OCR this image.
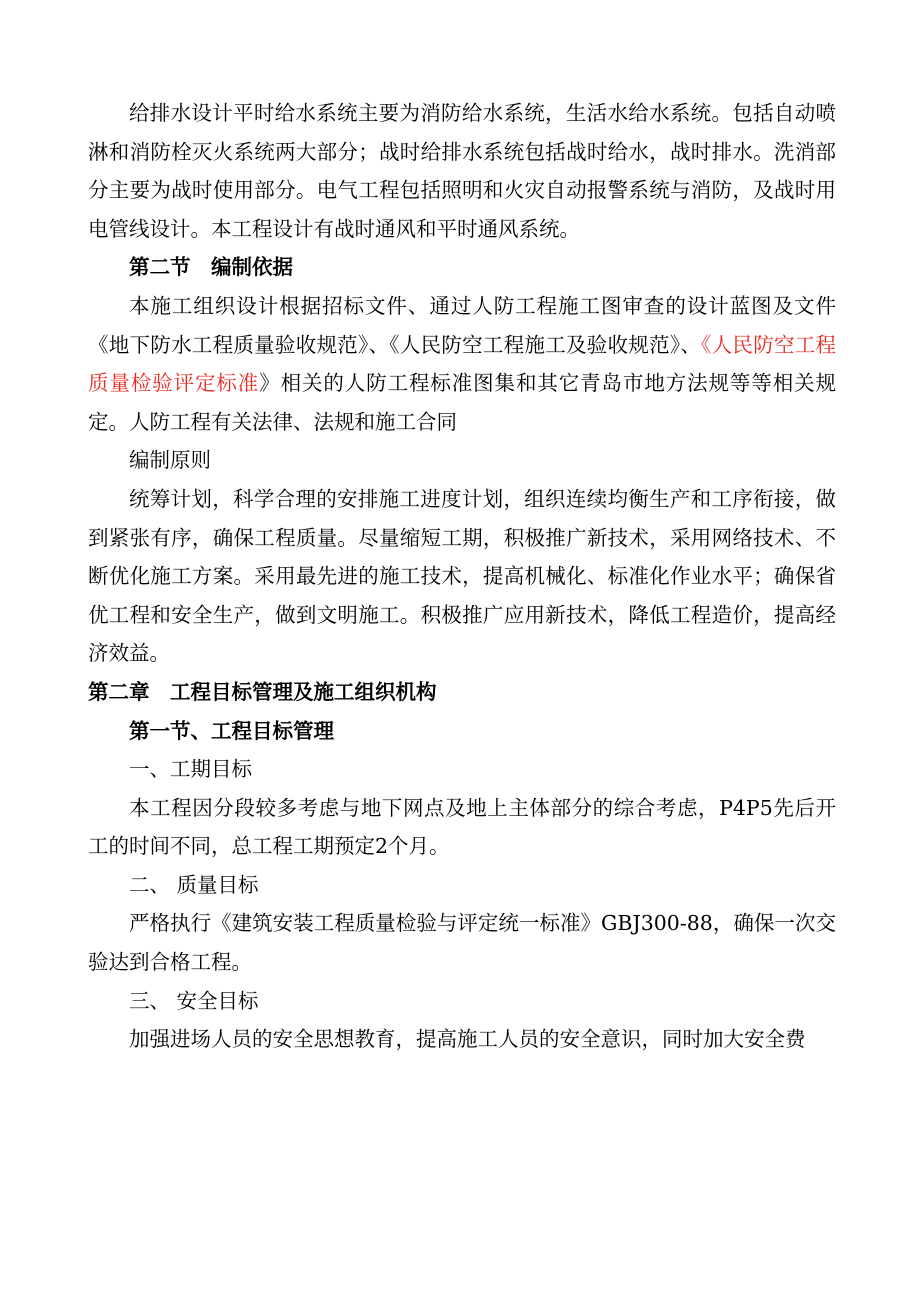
给排水设计平时给水系统主要为消防给水系统，生活水给水系统。包括自动喷淋和消防栓灭火系统两大部分；战时给排水系统包括战时给水，战时排水。洗消部分主要为战时使用部分。电气工程包括照明和火灾自动报警系统与消防，及战时用电管线设计。本工程设计有战时通风和平时通风系统。

第二节　 编制依据

本施工组织设计根据招标文件、通过人防工程施工图审查的设计蓝图及文件《地下防水工程质量验收规范》、《人民防空工程施工及验收规范》、《人民防空工程质量检验评定标准》相关的人防工程标准图集和其它青岛市地方法规等等相关规定。人防工程有关法律、法规和施工合同

编制原则

统筹计划，科学合理的安排施工进度计划，组织连续均衡生产和工序衔接，做到紧张有序，确保工程质量。尽量缩短工期，积极推广新技术，采用网络技术、不断优化施工方案。采用最先进的施工技术，提高机械化、标准化作业水平；确保省优工程和安全生产，做到文明施工。积极推广应用新技术，降低工程造价，提高经济效益。

第二章　 工程目标管理及施工组织机构

第一节、工程目标管理

一、工期目标

本工程因分段较多考虑与地下网点及地上主体部分的综合考虑，P4P5先后开工的时间不同，总工程工期预定2个月。

二、 质量目标

严格执行《建筑安装工程质量检验与评定统一标准》GBJ300-88，确保一次交验达到合格工程。

三、 安全目标

加强进场人员的安全思想教育，提高施工人员的安全意识，同时加大安全费
